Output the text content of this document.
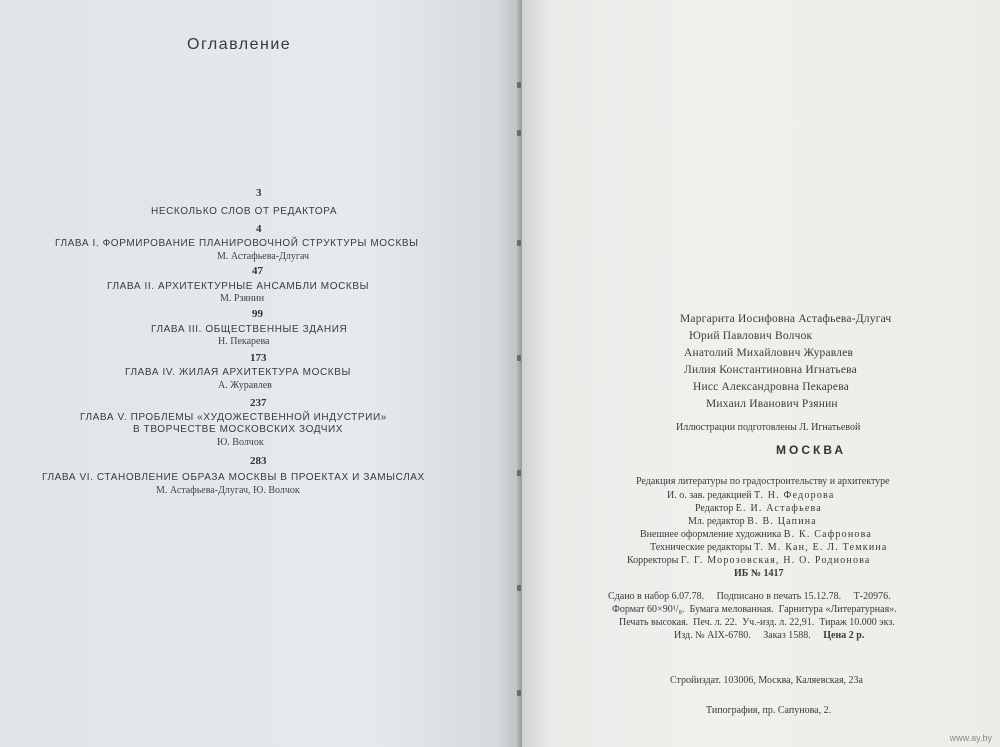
Оглавление
3
НЕСКОЛЬКО СЛОВ ОТ РЕДАКТОРА
4
ГЛАВА I. ФОРМИРОВАНИЕ ПЛАНИРОВОЧНОЙ СТРУКТУРЫ МОСКВЫ
М. Астафьева-Длугач
47
ГЛАВА II. АРХИТЕКТУРНЫЕ АНСАМБЛИ МОСКВЫ
М. Рзянин
99
ГЛАВА III. ОБЩЕСТВЕННЫЕ ЗДАНИЯ
Н. Пекарева
173
ГЛАВА IV. ЖИЛАЯ АРХИТЕКТУРА МОСКВЫ
А. Журавлев
237
ГЛАВА V. ПРОБЛЕМЫ «ХУДОЖЕСТВЕННОЙ ИНДУСТРИИ»
В ТВОРЧЕСТВЕ МОСКОВСКИХ ЗОДЧИХ
Ю. Волчок
283
ГЛАВА VI. СТАНОВЛЕНИЕ ОБРАЗА МОСКВЫ В ПРОЕКТАХ И ЗАМЫСЛАХ
М. Астафьева-Длугач, Ю. Волчок
Маргарита Иосифовна Астафьева-Длугач
Юрий Павлович Волчок
Анатолий Михайлович Журавлев
Лилия Константиновна Игнатьева
Нисс Александровна Пекарева
Михаил Иванович Рзянин
Иллюстрации подготовлены Л. Игнатьевой
МОСКВА
Редакция литературы по градостроительству и архитектуре
И. о. зав. редакцией Т. Н. Федорова
Редактор Е. И. Астафьева
Мл. редактор В. В. Цапина
Внешнее оформление художника В. К. Сафронова
Технические редакторы Т. М. Кан, Е. Л. Темкина
Корректоры Г. Г. Морозовская, Н. О. Родионова
ИБ № 1417
Сдано в набор 6.07.78.     Подписано в печать 15.12.78.     Т-20976.
Формат 60×90¹/₈.  Бумага мелованная.  Гарнитура «Литературная».
Печать высокая.  Печ. л. 22.  Уч.-изд. л. 22,91.  Тираж 10.000 экз.
Изд. № АIХ-6780.     Заказ 1588. Цена 2 р.
Стройиздат. 103006, Москва, Каляевская, 23а
Типография, пр. Сапунова, 2.
www.ay.by
